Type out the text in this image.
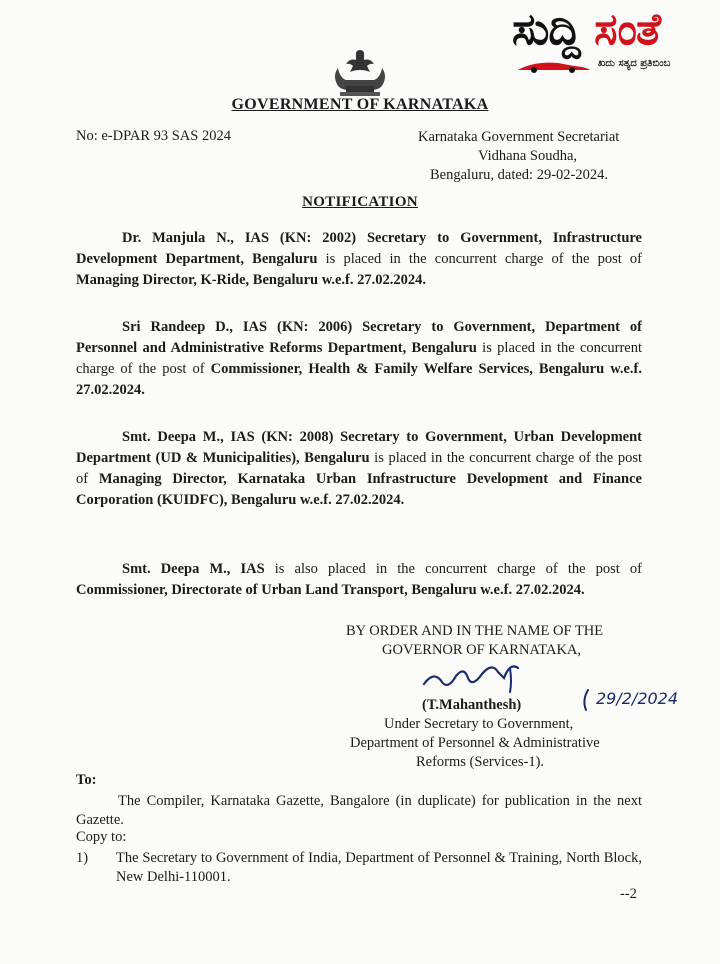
ಸುದ್ದಿ ಸಂತೆ
ಖದು ಸತ್ಯದ ಪ್ರತಿಬಿಂಬ
GOVERNMENT OF KARNATAKA
No: e-DPAR 93 SAS 2024	Karnataka Government Secretariat
Vidhana Soudha,
Bengaluru, dated: 29-02-2024.
NOTIFICATION
Dr. Manjula N., IAS (KN: 2002) Secretary to Government, Infrastructure Development Department, Bengaluru is placed in the concurrent charge of the post of Managing Director, K-Ride, Bengaluru w.e.f. 27.02.2024.
Sri Randeep D., IAS (KN: 2006) Secretary to Government, Department of Personnel and Administrative Reforms Department, Bengaluru is placed in the concurrent charge of the post of Commissioner, Health & Family Welfare Services, Bengaluru w.e.f. 27.02.2024.
Smt. Deepa M., IAS (KN: 2008) Secretary to Government, Urban Development Department (UD & Municipalities), Bengaluru is placed in the concurrent charge of the post of Managing Director, Karnataka Urban Infrastructure Development and Finance Corporation (KUIDFC), Bengaluru w.e.f. 27.02.2024.
Smt. Deepa M., IAS is also placed in the concurrent charge of the post of Commissioner, Directorate of Urban Land Transport, Bengaluru w.e.f. 27.02.2024.
BY ORDER AND IN THE NAME OF THE
GOVERNOR OF KARNATAKA,
29/2/2024
(T.Mahanthesh)
Under Secretary to Government,
Department of Personnel & Administrative
Reforms (Services-1).
To:
The Compiler, Karnataka Gazette, Bangalore (in duplicate) for publication in the next Gazette.
Copy to:
1) The Secretary to Government of India, Department of Personnel & Training, North Block, New Delhi-110001.
--2
